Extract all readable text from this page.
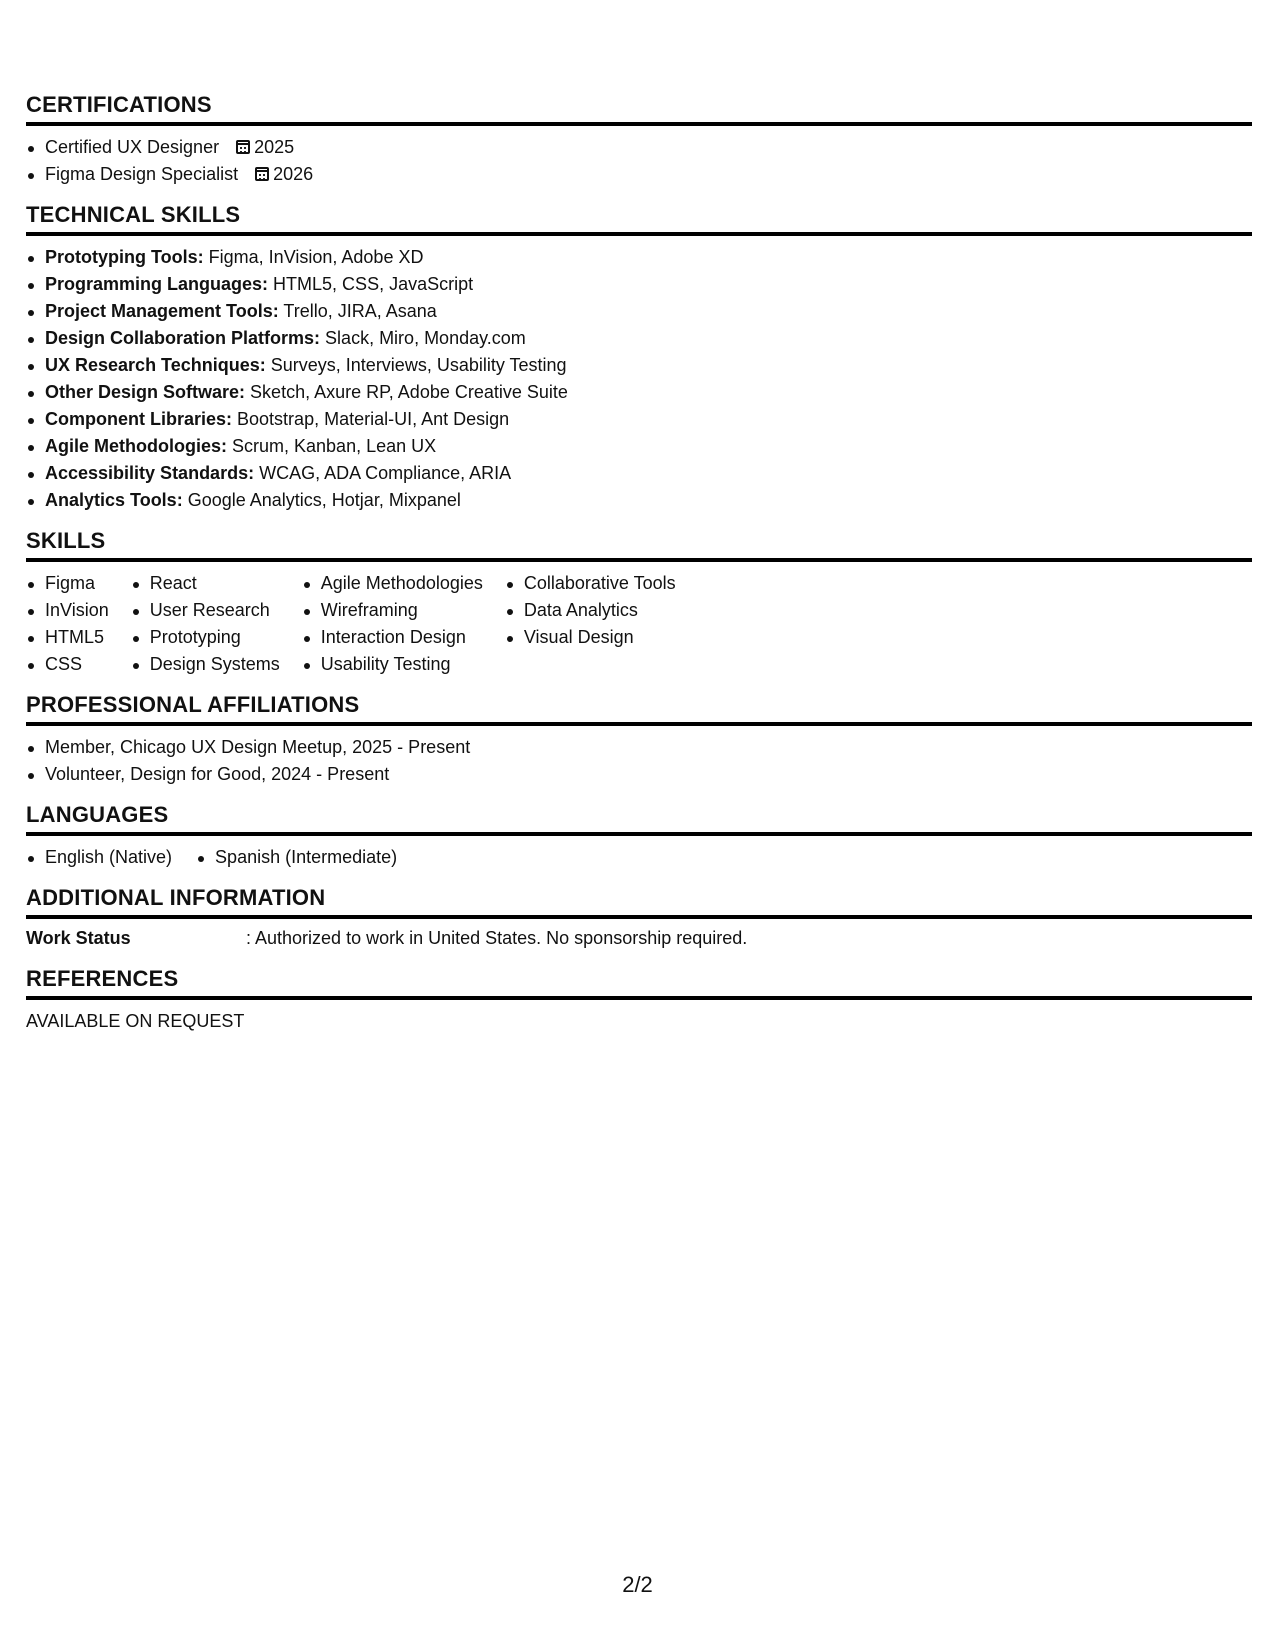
CERTIFICATIONS
Certified UX Designer 2025
Figma Design Specialist 2026
TECHNICAL SKILLS
Prototyping Tools: Figma, InVision, Adobe XD
Programming Languages: HTML5, CSS, JavaScript
Project Management Tools: Trello, JIRA, Asana
Design Collaboration Platforms: Slack, Miro, Monday.com
UX Research Techniques: Surveys, Interviews, Usability Testing
Other Design Software: Sketch, Axure RP, Adobe Creative Suite
Component Libraries: Bootstrap, Material-UI, Ant Design
Agile Methodologies: Scrum, Kanban, Lean UX
Accessibility Standards: WCAG, ADA Compliance, ARIA
Analytics Tools: Google Analytics, Hotjar, Mixpanel
SKILLS
Figma
InVision
HTML5
CSS
React
User Research
Prototyping
Design Systems
Agile Methodologies
Wireframing
Interaction Design
Usability Testing
Collaborative Tools
Data Analytics
Visual Design
PROFESSIONAL AFFILIATIONS
Member, Chicago UX Design Meetup, 2025 - Present
Volunteer, Design for Good, 2024 - Present
LANGUAGES
English (Native)	Spanish (Intermediate)
ADDITIONAL INFORMATION
Work Status	: Authorized to work in United States. No sponsorship required.
REFERENCES
AVAILABLE ON REQUEST
2/2
